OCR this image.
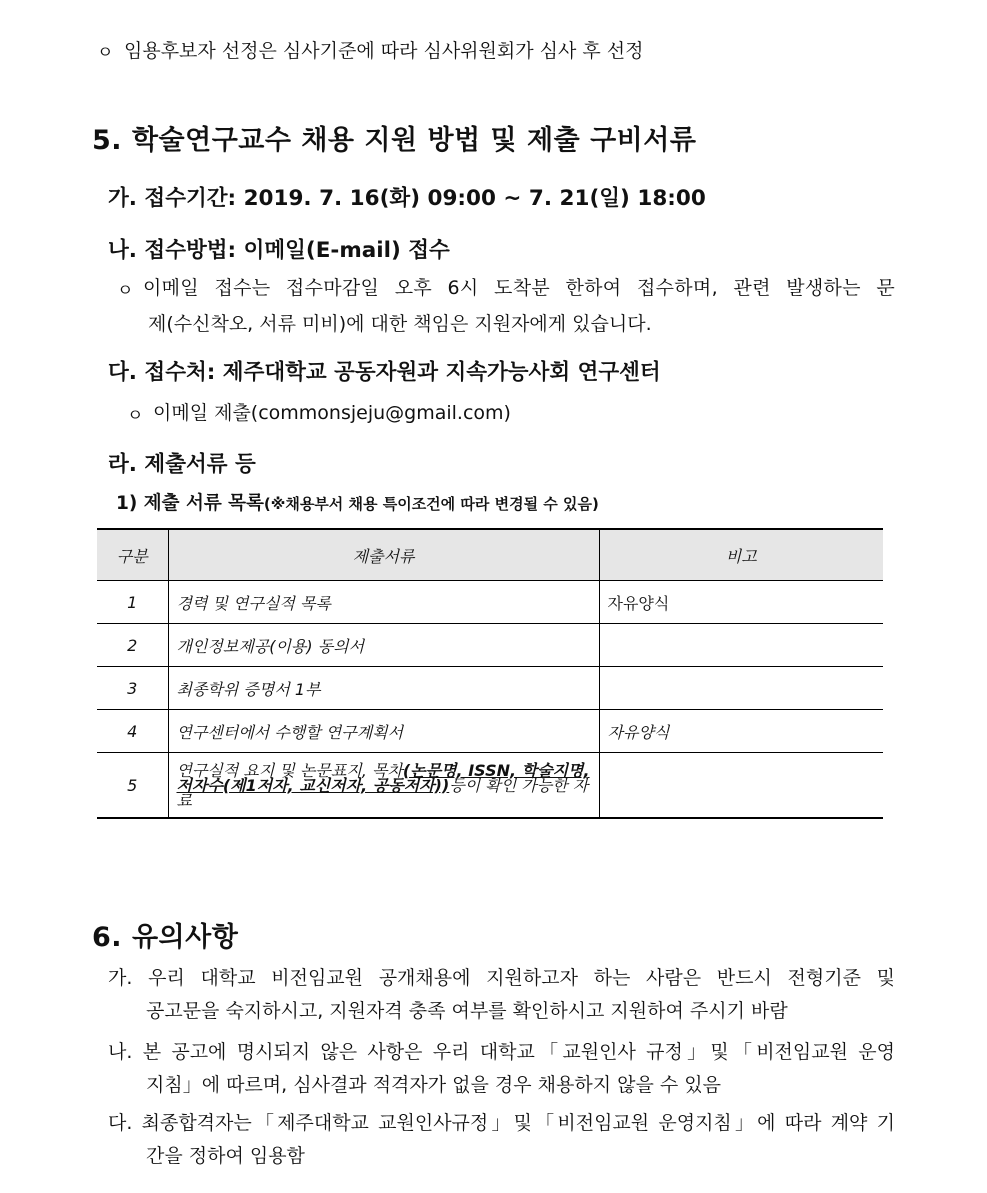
ㅇ 임용후보자 선정은 심사기준에 따라 심사위원회가 심사 후 선정
5. 학술연구교수 채용 지원 방법 및 제출 구비서류
가. 접수기간: 2019. 7. 16(화) 09:00 ~ 7. 21(일) 18:00
나. 접수방법: 이메일(E-mail) 접수
ㅇ 이메일 접수는 접수마감일 오후 6시 도착분 한하여 접수하며, 관련 발생하는 문
제(수신착오, 서류 미비)에 대한 책임은 지원자에게 있습니다.
다. 접수처: 제주대학교 공동자원과 지속가능사회 연구센터
ㅇ 이메일 제출(commonsjeju@gmail.com)
라. 제출서류 등
1) 제출 서류 목록(※채용부서 채용 특이조건에 따라 변경될 수 있음)
구분	제출서류	비고
1	경력 및 연구실적 목록	자유양식
2	개인정보제공(이용) 동의서	
3	최종학위 증명서 1부	
4	연구센터에서 수행할 연구계획서	자유양식
5	연구실적 요지 및 논문표지, 목차(논문명, ISSN, 학술지명, 저자수(제1저자, 교신저자, 공동저자))등이 확인 가능한 자료	
6. 유의사항
가. 우리 대학교 비전임교원 공개채용에 지원하고자 하는 사람은 반드시 전형기준 및
공고문을 숙지하시고, 지원자격 충족 여부를 확인하시고 지원하여 주시기 바람
나. 본 공고에 명시되지 않은 사항은 우리 대학교「교원인사 규정」및「비전임교원 운영
지침」에 따르며, 심사결과 적격자가 없을 경우 채용하지 않을 수 있음
다. 최종합격자는「제주대학교 교원인사규정」및「비전임교원 운영지침」에 따라 계약 기
간을 정하여 임용함
